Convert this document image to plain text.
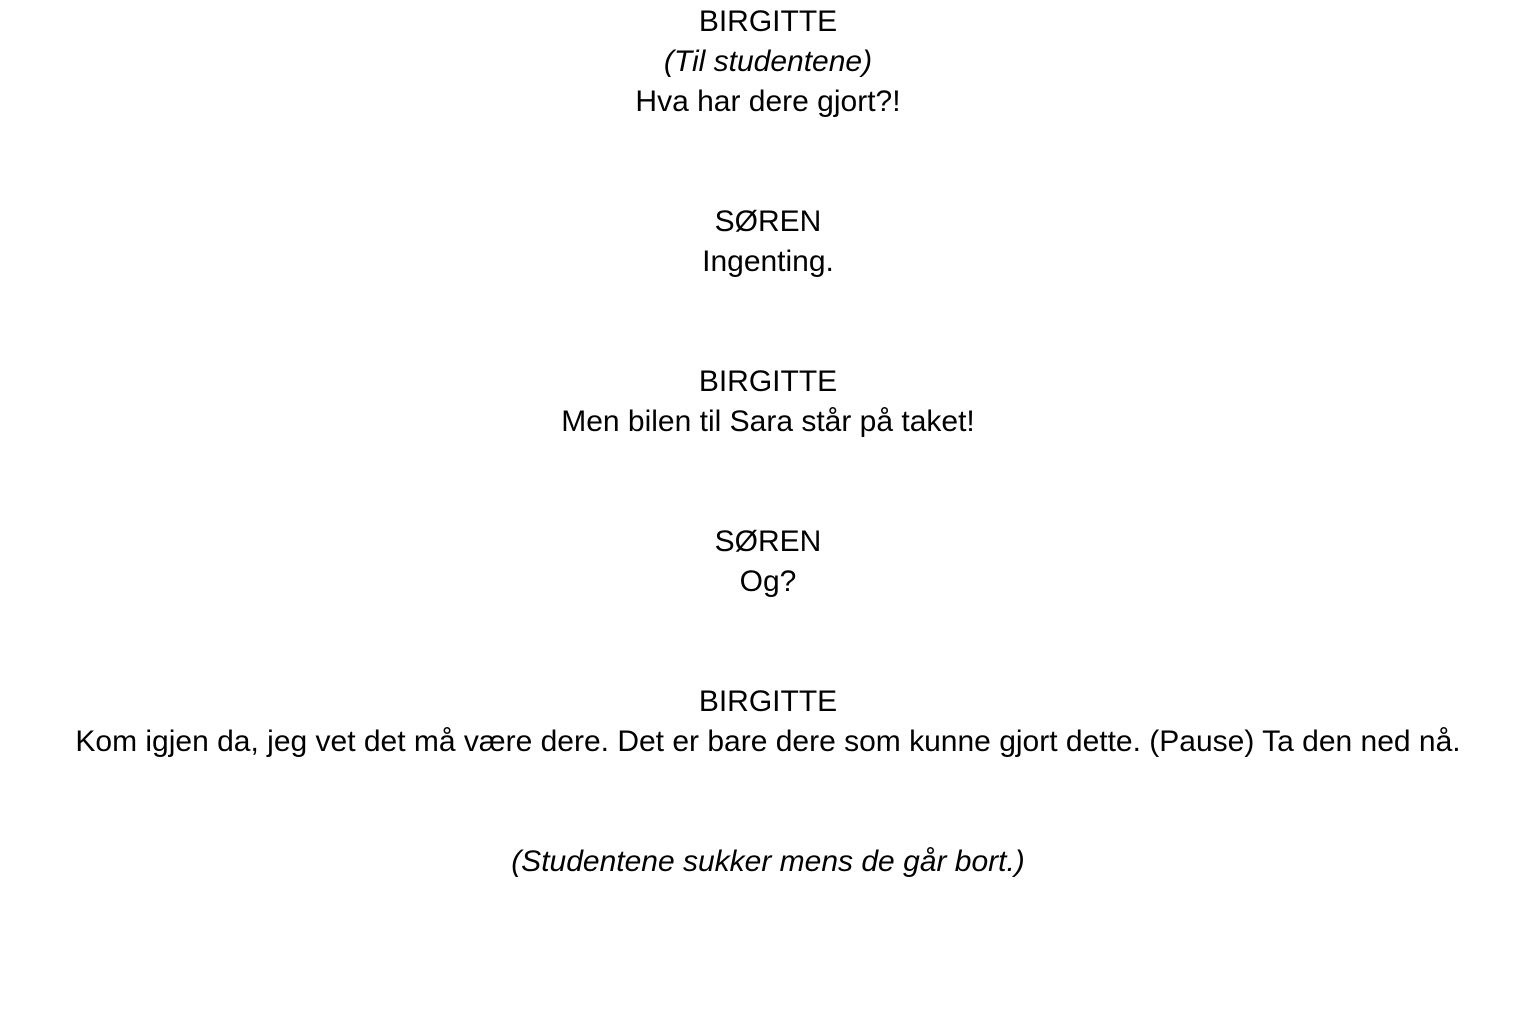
BIRGITTE
(Til studentene)
Hva har dere gjort?!
SØREN
Ingenting.
BIRGITTE
Men bilen til Sara står på taket!
SØREN
Og?
BIRGITTE
Kom igjen da, jeg vet det må være dere. Det er bare dere som kunne gjort dette. (Pause) Ta den ned nå.
(Studentene sukker mens de går bort.)
